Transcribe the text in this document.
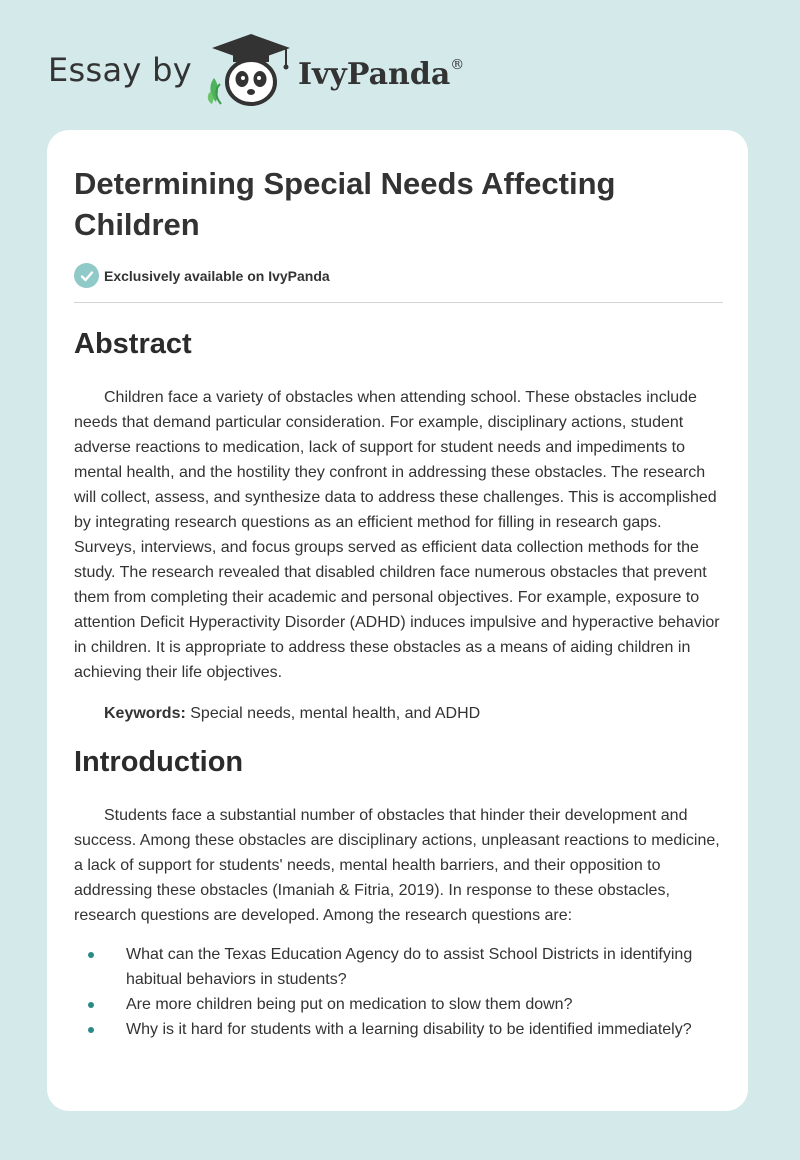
Essay by	IvyPanda®
Determining Special Needs Affecting Children
Exclusively available on IvyPanda
Abstract

Children face a variety of obstacles when attending school. These obstacles include needs that demand particular consideration. For example, disciplinary actions, student adverse reactions to medication, lack of support for student needs and impediments to mental health, and the hostility they confront in addressing these obstacles. The research will collect, assess, and synthesize data to address these challenges. This is accomplished by integrating research questions as an efficient method for filling in research gaps. Surveys, interviews, and focus groups served as efficient data collection methods for the study. The research revealed that disabled children face numerous obstacles that prevent them from completing their academic and personal objectives. For example, exposure to attention Deficit Hyperactivity Disorder (ADHD) induces impulsive and hyperactive behavior in children. It is appropriate to address these obstacles as a means of aiding children in achieving their life objectives.

Keywords: Special needs, mental health, and ADHD

Introduction

Students face a substantial number of obstacles that hinder their development and success. Among these obstacles are disciplinary actions, unpleasant reactions to medicine, a lack of support for students' needs, mental health barriers, and their opposition to addressing these obstacles (Imaniah & Fitria, 2019). In response to these obstacles, research questions are developed. Among the research questions are:

What can the Texas Education Agency do to assist School Districts in identifying habitual behaviors in students?
Are more children being put on medication to slow them down?
Why is it hard for students with a learning disability to be identified immediately?
